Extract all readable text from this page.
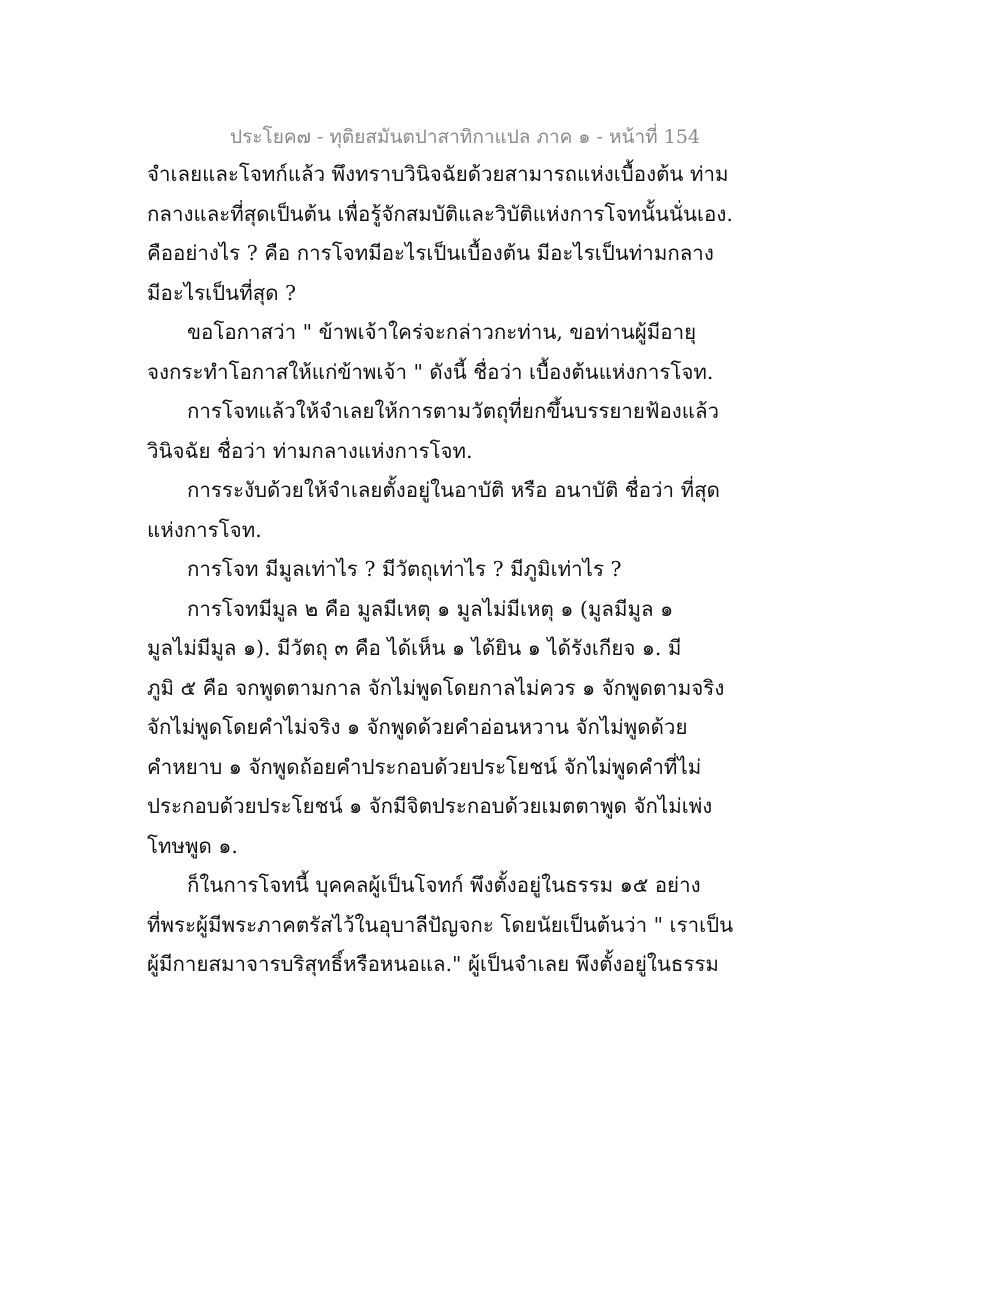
ประโยค๗ - ทุติยสมันตปาสาทิกาแปล ภาค ๑ - หน้าที่ 154
จำเลยและโจทก์แล้ว พึงทราบวินิจฉัยด้วยสามารถแห่งเบื้องต้น ท่าม
กลางและที่สุดเป็นต้น เพื่อรู้จักสมบัติและวิบัติแห่งการโจทนั้นนั่นเอง.
คืออย่างไร ? คือ การโจทมีอะไรเป็นเบื้องต้น มีอะไรเป็นท่ามกลาง
มีอะไรเป็นที่สุด ?
ขอโอกาสว่า " ข้าพเจ้าใคร่จะกล่าวกะท่าน, ขอท่านผู้มีอายุ
จงกระทำโอกาสให้แก่ข้าพเจ้า " ดังนี้ ชื่อว่า เบื้องต้นแห่งการโจท.
การโจทแล้วให้จำเลยให้การตามวัตถุที่ยกขึ้นบรรยายฟ้องแล้ว
วินิจฉัย ชื่อว่า ท่ามกลางแห่งการโจท.
การระงับด้วยให้จำเลยตั้งอยู่ในอาบัติ หรือ อนาบัติ ชื่อว่า ที่สุด
แห่งการโจท.
การโจท มีมูลเท่าไร ? มีวัตถุเท่าไร ? มีภูมิเท่าไร ?
การโจทมีมูล ๒ คือ มูลมีเหตุ ๑ มูลไม่มีเหตุ ๑ (มูลมีมูล ๑
มูลไม่มีมูล ๑). มีวัตถุ ๓ คือ ได้เห็น ๑ ได้ยิน ๑ ได้รังเกียจ ๑. มี
ภูมิ ๕ คือ จกพูดตามกาล จักไม่พูดโดยกาลไม่ควร ๑ จักพูดตามจริง
จักไม่พูดโดยคำไม่จริง ๑ จักพูดด้วยคำอ่อนหวาน จักไม่พูดด้วย
คำหยาบ ๑ จักพูดถ้อยคำประกอบด้วยประโยชน์ จักไม่พูดคำที่ไม่
ประกอบด้วยประโยชน์ ๑ จักมีจิตประกอบด้วยเมตตาพูด จักไม่เพ่ง
โทษพูด ๑.
ก็ในการโจทนี้ บุคคลผู้เป็นโจทก์ พึงตั้งอยู่ในธรรม ๑๕ อย่าง
ที่พระผู้มีพระภาคตรัสไว้ในอุบาลีปัญจกะ โดยนัยเป็นต้นว่า " เราเป็น
ผู้มีกายสมาจารบริสุทธิ์หรือหนอแล." ผู้เป็นจำเลย พึงตั้งอยู่ในธรรม
